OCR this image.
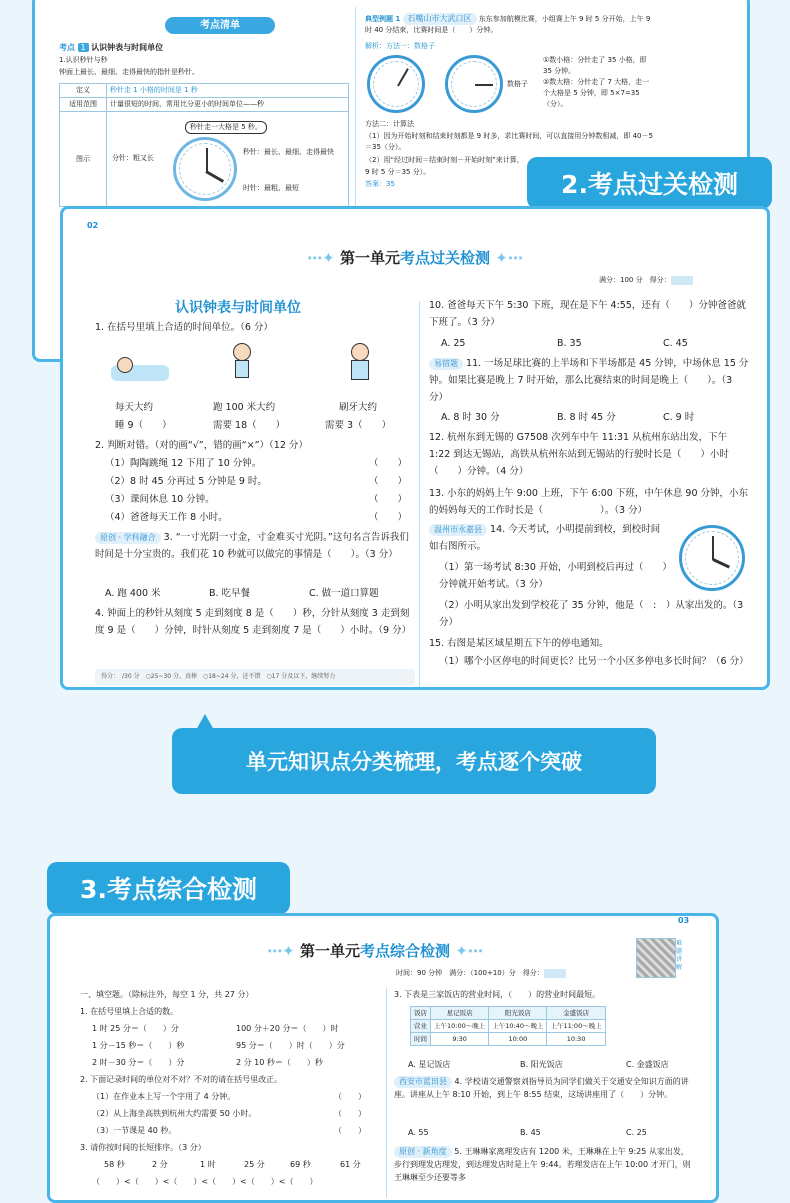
考点清单
考点 1 认识钟表与时间单位
1.认识秒针与秒
钟面上最长、最细、走得最快的指针是秒针。
定义	秒针走 1 小格的时间是 1 秒
适用范围	计量很短的时间，常用比分更小的时间单位——秒
图示	
秒针走一大格是 5 秒。
分针：粗又长
秒针：最长、最细、走得最快
时针：最粗、最短
典型例题 1 石嘴山市大武口区 东东参加航模比赛，小组赛上午 9 时 5 分开始，上午 9 时 40 分结束，比赛时间是（　　）分钟。
解析：方法一：数格子
数格子
①数小格：分针走了 35 小格，即 35 分钟。
②数大格：分针走了 7 大格，走一个大格是 5 分钟，即 5×7=35（分）。
方法二：计算法
（1）因为开始时刻和结束时刻都是 9 时多，求比赛时间，可以直接用分钟数相减，即 40－5＝35（分）。
（2）用“经过时间＝结束时刻－开始时刻”来计算，
9 时 5 分＝35 分）。
答案：35	2.考点过关检测
02
⋯✦ 第一单元考点过关检测 ✦⋯
满分：100 分　得分：
认识钟表与时间单位
1. 在括号里填上合适的时间单位。（6 分）
每天大约	跑 100 米大约	刷牙大约
睡 9（　　）	需要 18（　　）	需要 3（　　）
2. 判断对错。（对的画“√”，错的画“×”）（12 分）
（1）陶陶跳绳 12 下用了 10 分钟。
（2）8 时 45 分再过 5 分钟是 9 时。
（3）课间休息 10 分钟。
（4）爸爸每天工作 8 小时。
（　　）
（　　）
（　　）
（　　）
原创 · 学科融合 3. “一寸光阴一寸金，寸金难买寸光阴。”这句名言告诉我们时间是十分宝贵的。我们花 10 秒就可以做完的事情是（　　）。（3 分）
A. 跑 400 米	B. 吃早餐	C. 做一道口算题
4. 钟面上的秒针从刻度 5 走到刻度 8 是（　　）秒，分针从刻度 3 走到刻度 9 是（　　）分钟，时针从刻度 5 走到刻度 7 是（　　）小时。（9 分）
得分：　/30 分　○25~30 分，真棒　○18~24 分，还不错　○17 分及以下，继续努力
10. 爸爸每天下午 5:30 下班，现在是下午 4:55，还有（　　）分钟爸爸就下班了。（3 分）
A. 25	B. 35	C. 45
易错题 11. 一场足球比赛的上半场和下半场都是 45 分钟，中场休息 15 分钟。如果比赛是晚上 7 时开始，那么比赛结束的时间是晚上（　　）。（3 分）
A. 8 时 30 分	B. 8 时 45 分	C. 9 时
12. 杭州东到无锡的 G7508 次列车中午 11:31 从杭州东站出发，下午 1:22 到达无锡站，高铁从杭州东站到无锡站的行驶时长是（　　）小时（　　）分钟。（4 分）
13. 小东的妈妈上午 9:00 上班，下午 6:00 下班，中午休息 90 分钟，小东的妈妈每天的工作时长是（　　　　　　）。（3 分）
温州市永嘉县 14. 今天考试，小明提前到校，到校时间如右图所示。
（1）第一场考试 8:30 开始，小明到校后再过（　　）分钟就开始考试。（3 分）
（2）小明从家出发到学校花了 35 分钟，他是（　:　）从家出发的。（3 分）
15. 右图是某区域星期五下午的停电通知。
（1）哪个小区停电的时间更长？比另一个小区多停电多长时间？（6 分）
单元知识点分类梳理，考点逐个突破
3.考点综合检测
03
⋯✦ 第一单元考点综合检测 ✦⋯	难题讲解
时间：90 分钟　满分：（100+10）分　得分：
一、填空题。（除标注外，每空 1 分，共 27 分）
1. 在括号里填上合适的数。
1 时 25 分＝（　　）分	100 分＋20 分＝（　　）时
1 分－15 秒＝（　　）秒	95 分＝（　　）时（　　）分
2 时－30 分＝（　　）分	2 分 10 秒＝（　　）秒
2. 下面记录时间的单位对不对？不对的请在括号里改正。
（1）在作业本上写一个字用了 4 分钟。
（2）从上海坐高铁到杭州大约需要 50 小时。
（3）一节课是 40 秒。
（　　）
（　　）
（　　）
3. 请你按时间的长短排序。（3 分）
58 秒	2 分	1 时	25 分	69 秒	61 分
（　　）<（　　）<（　　）<（　　）<（　　）<（　　）
3. 下表是三家饭店的营业时间，（　　）的营业时间最短。
饭店	星记饭店	阳光饭店	金盛饭店
营业	上午10:00～晚上	上午10:40～晚上	上午11:00～晚上
时间	9:30	10:00	10:30
A. 星记饭店	B. 阳光饭店	C. 金盛饭店
西安市蓝田县 4. 学校请交通警察刘指导员为同学们做关于交通安全知识方面的讲座。讲座从上午 8:10 开始，到上午 8:55 结束，这场讲座用了（　　）分钟。
A. 55	B. 45	C. 25
原创 · 新角度 5. 王琳琳家离理发店有 1200 米，王琳琳在上午 9:25 从家出发，步行到理发店理发，到达理发店时是上午 9:44。若理发店在上午 10:00 才开门，则王琳琳至少还要等多
